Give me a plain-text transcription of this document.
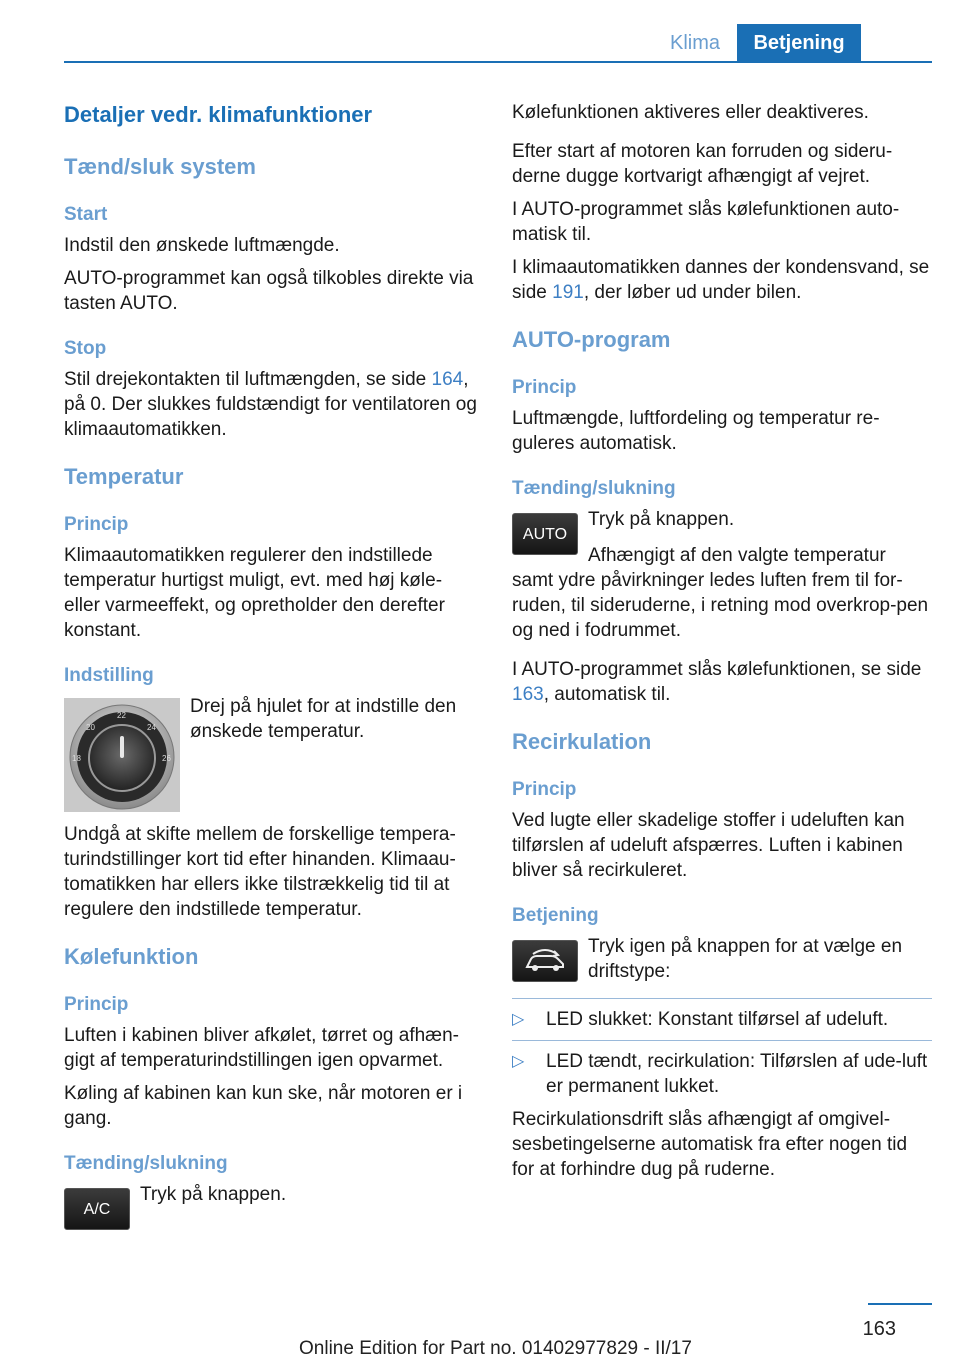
Klima	Betjening
Detaljer vedr. klimafunktioner
Tænd/sluk system
Start

Indstil den ønskede luftmængde.

AUTO-programmet kan også tilkobles direkte via tasten AUTO.

Stop

Stil drejekontakten til luftmængden, se side 164, på 0. Der slukkes fuldstændigt for ventilatoren og klimaautomatikken.

Temperatur
Princip

Klimaautomatikken regulerer den indstillede temperatur hurtigst muligt, evt. med høj køle- eller varmeeffekt, og opretholder den derefter konstant.

Indstilling
20
22
24
18	26

Drej på hjulet for at indstille den ønskede temperatur.

Undgå at skifte mellem de forskellige tempera‐turindstillinger kort tid efter hinanden. Klimaau‐tomatikken har ellers ikke tilstrækkelig tid til at regulere den indstillede temperatur.

Kølefunktion
Princip

Luften i kabinen bliver afkølet, tørret og afhæn‐gigt af temperaturindstillingen igen opvarmet.

Køling af kabinen kan kun ske, når motoren er i gang.

Tænding/slukning
A/C

Tryk på knappen.

Kølefunktionen aktiveres eller deaktiveres.

Efter start af motoren kan forruden og sideru‐derne dugge kortvarigt afhængigt af vejret.

I AUTO-programmet slås kølefunktionen auto‐matisk til.

I klimaautomatikken dannes der kondensvand, se side 191, der løber ud under bilen.

AUTO-program
Princip

Luftmængde, luftfordeling og temperatur re‐guleres automatisk.

Tænding/slukning
AUTO

Tryk på knappen.

Afhængigt af den valgte temperatur samt ydre påvirkninger ledes luften frem til for‐ruden, til sideruderne, i retning mod overkrop‐pen og ned i fodrummet.

I AUTO-programmet slås kølefunktionen, se side 163, automatisk til.

Recirkulation
Princip

Ved lugte eller skadelige stoffer i udeluften kan tilførslen af udeluft afspærres. Luften i kabinen bliver så recirkuleret.

Betjening

Tryk igen på knappen for at vælge en driftstype:

▷ LED slukket: Konstant tilførsel af udeluft.
▷ LED tændt, recirkulation: Tilførslen af ude‐luft er permanent lukket.

Recirkulationsdrift slås afhængigt af omgivel‐sesbetingelserne automatisk fra efter nogen tid for at forhindre dug på ruderne.

163
Online Edition for Part no. 01402977829 - II/17
